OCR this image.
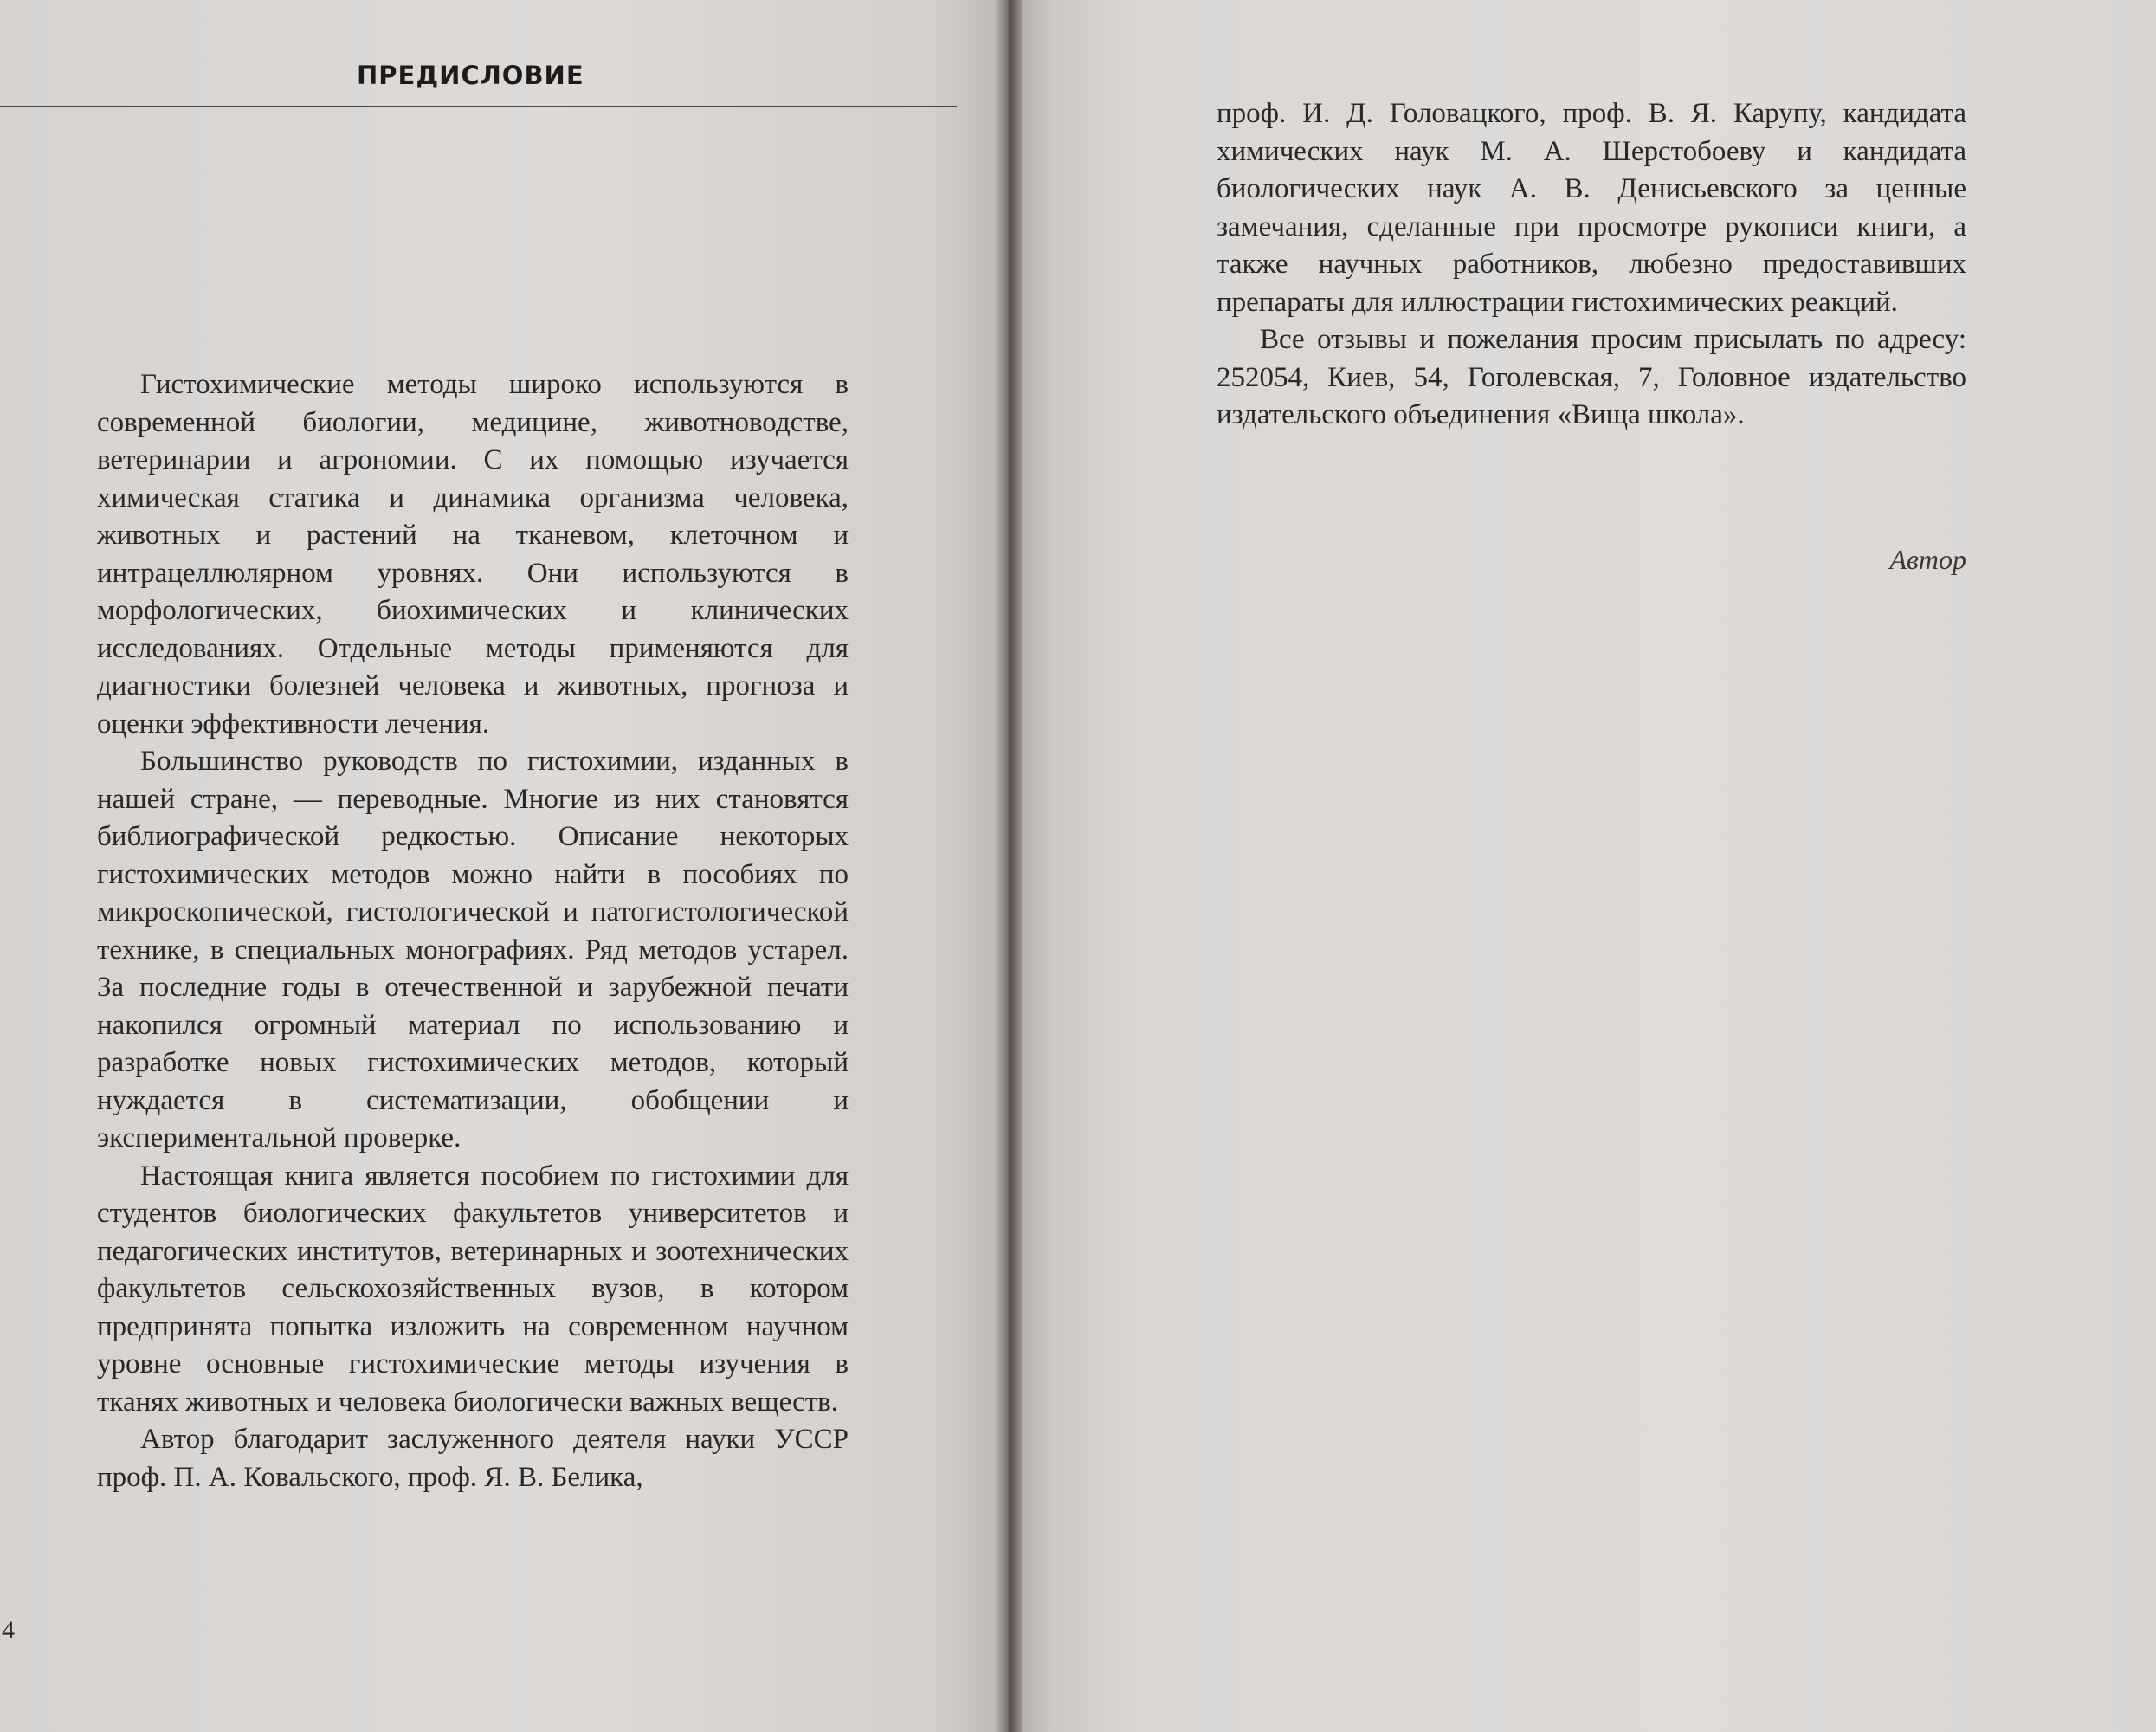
ПРЕДИСЛОВИЕ

Гистохимические методы широко используются в современной биологии, медицине, животноводстве, ветеринарии и агрономии. С их помощью изучается химическая статика и динамика организма человека, животных и растений на тканевом, клеточном и интрацеллюлярном уровнях. Они используются в морфологических, биохимических и клинических исследованиях. Отдельные методы применяются для диагностики болезней человека и животных, прогноза и оценки эффективности лечения.

Большинство руководств по гистохимии, изданных в нашей стране, — переводные. Многие из них становятся библиографической редкостью. Описание некоторых гистохимических методов можно найти в пособиях по микроскопической, гистологической и патогистологической технике, в специальных монографиях. Ряд методов устарел. За последние годы в отечественной и зарубежной печати накопился огромный материал по использованию и разработке новых гистохимических методов, который нуждается в систематизации, обобщении и экспериментальной проверке.

Настоящая книга является пособием по гистохимии для студентов биологических факультетов университетов и педагогических институтов, ветеринарных и зоотехнических факультетов сельскохозяйственных вузов, в котором предпринята попытка изложить на современном научном уровне основные гистохимические методы изучения в тканях животных и человека биологически важных веществ.

Автор благодарит заслуженного деятеля науки УССР проф. П. А. Ковальского, проф. Я. В. Белика,

4

проф. И. Д. Головацкого, проф. В. Я. Карупу, кандидата химических наук М. А. Шерстобоеву и кандидата биологических наук А. В. Денисьевского за ценные замечания, сделанные при просмотре рукописи книги, а также научных работников, любезно предоставивших препараты для иллюстрации гистохимических реакций.

Все отзывы и пожелания просим присылать по адресу: 252054, Киев, 54, Гоголевская, 7, Головное издательство издательского объединения «Вища школа».

Автор
